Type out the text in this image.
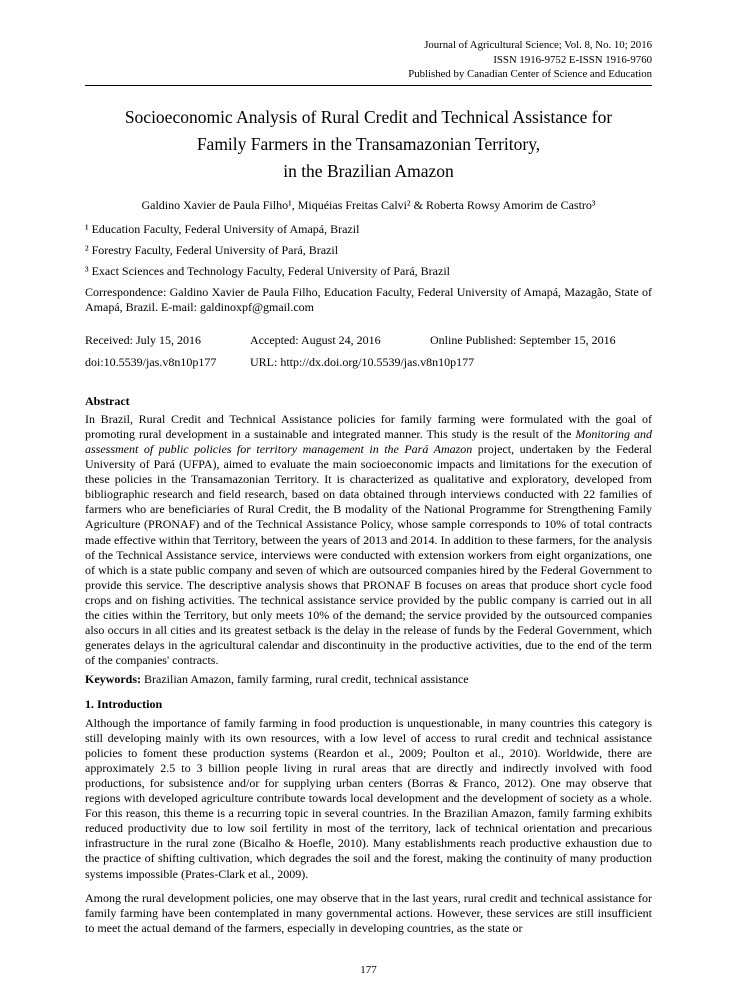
Journal of Agricultural Science; Vol. 8, No. 10; 2016
ISSN 1916-9752 E-ISSN 1916-9760
Published by Canadian Center of Science and Education
Socioeconomic Analysis of Rural Credit and Technical Assistance for
Family Farmers in the Transamazonian Territory,
in the Brazilian Amazon
Galdino Xavier de Paula Filho¹, Miquéias Freitas Calvi² & Roberta Rowsy Amorim de Castro³
¹ Education Faculty, Federal University of Amapá, Brazil
² Forestry Faculty, Federal University of Pará, Brazil
³ Exact Sciences and Technology Faculty, Federal University of Pará, Brazil

Correspondence: Galdino Xavier de Paula Filho, Education Faculty, Federal University of Amapá, Mazagão, State of Amapá, Brazil. E-mail: galdinoxpf@gmail.com

Received: July 15, 2016	Accepted: August 24, 2016	Online Published: September 15, 2016
doi:10.5539/jas.v8n10p177	URL: http://dx.doi.org/10.5539/jas.v8n10p177
Abstract

In Brazil, Rural Credit and Technical Assistance policies for family farming were formulated with the goal of promoting rural development in a sustainable and integrated manner. This study is the result of the Monitoring and assessment of public policies for territory management in the Pará Amazon project, undertaken by the Federal University of Pará (UFPA), aimed to evaluate the main socioeconomic impacts and limitations for the execution of these policies in the Transamazonian Territory. It is characterized as qualitative and exploratory, developed from bibliographic research and field research, based on data obtained through interviews conducted with 22 families of farmers who are beneficiaries of Rural Credit, the B modality of the National Programme for Strengthening Family Agriculture (PRONAF) and of the Technical Assistance Policy, whose sample corresponds to 10% of total contracts made effective within that Territory, between the years of 2013 and 2014. In addition to these farmers, for the analysis of the Technical Assistance service, interviews were conducted with extension workers from eight organizations, one of which is a state public company and seven of which are outsourced companies hired by the Federal Government to provide this service. The descriptive analysis shows that PRONAF B focuses on areas that produce short cycle food crops and on fishing activities. The technical assistance service provided by the public company is carried out in all the cities within the Territory, but only meets 10% of the demand; the service provided by the outsourced companies also occurs in all cities and its greatest setback is the delay in the release of funds by the Federal Government, which generates delays in the agricultural calendar and discontinuity in the productive activities, due to the end of the term of the companies' contracts.

Keywords: Brazilian Amazon, family farming, rural credit, technical assistance

1. Introduction

Although the importance of family farming in food production is unquestionable, in many countries this category is still developing mainly with its own resources, with a low level of access to rural credit and technical assistance policies to foment these production systems (Reardon et al., 2009; Poulton et al., 2010). Worldwide, there are approximately 2.5 to 3 billion people living in rural areas that are directly and indirectly involved with food productions, for subsistence and/or for supplying urban centers (Borras & Franco, 2012). One may observe that regions with developed agriculture contribute towards local development and the development of society as a whole. For this reason, this theme is a recurring topic in several countries. In the Brazilian Amazon, family farming exhibits reduced productivity due to low soil fertility in most of the territory, lack of technical orientation and precarious infrastructure in the rural zone (Bicalho & Hoefle, 2010). Many establishments reach productive exhaustion due to the practice of shifting cultivation, which degrades the soil and the forest, making the continuity of many production systems impossible (Prates-Clark et al., 2009).

Among the rural development policies, one may observe that in the last years, rural credit and technical assistance for family farming have been contemplated in many governmental actions. However, these services are still insufficient to meet the actual demand of the farmers, especially in developing countries, as the state or

177
